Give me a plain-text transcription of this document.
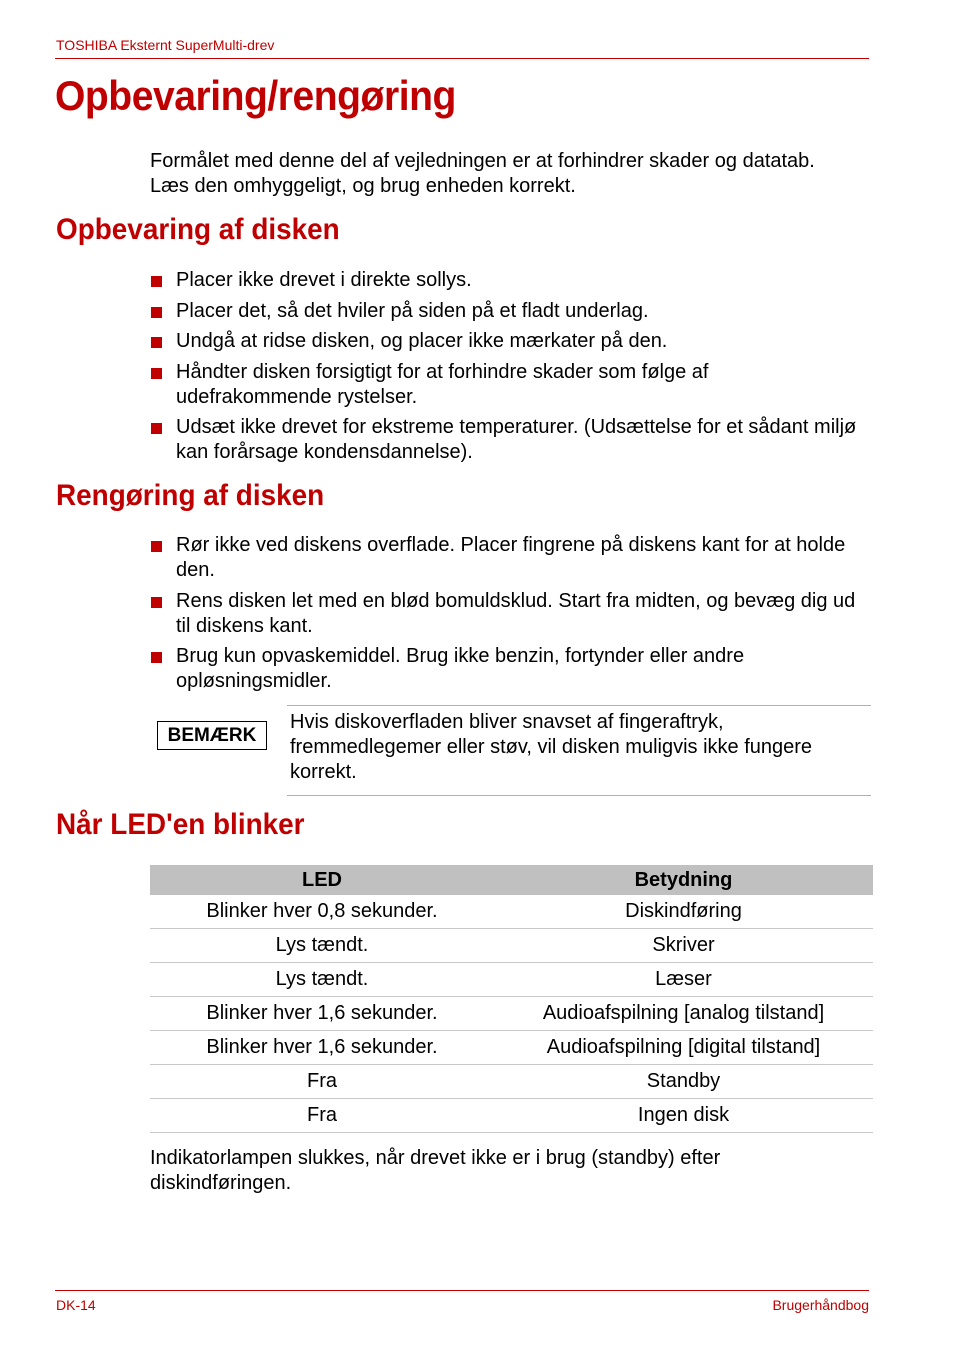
TOSHIBA Eksternt SuperMulti-drev
Opbevaring/rengøring

Formålet med denne del af vejledningen er at forhindrer skader og datatab. Læs den omhyggeligt, og brug enheden korrekt.

Opbevaring af disken
Placer ikke drevet i direkte sollys.
Placer det, så det hviler på siden på et fladt underlag.
Undgå at ridse disken, og placer ikke mærkater på den.
Håndter disken forsigtigt for at forhindre skader som følge af udefrakommende rystelser.
Udsæt ikke drevet for ekstreme temperaturer. (Udsættelse for et sådant miljø kan forårsage kondensdannelse).
Rengøring af disken
Rør ikke ved diskens overflade. Placer fingrene på diskens kant for at holde den.
Rens disken let med en blød bomuldsklud. Start fra midten, og bevæg dig ud til diskens kant.
Brug kun opvaskemiddel. Brug ikke benzin, fortynder eller andre opløsningsmidler.
BEMÆRK

Hvis diskoverfladen bliver snavset af fingeraftryk, fremmedlegemer eller støv, vil disken muligvis ikke fungere korrekt.

Når LED'en blinker
LED	Betydning
Blinker hver 0,8 sekunder.	Diskindføring
Lys tændt.	Skriver
Lys tændt.	Læser
Blinker hver 1,6 sekunder.	Audioafspilning [analog tilstand]
Blinker hver 1,6 sekunder.	Audioafspilning [digital tilstand]
Fra	Standby
Fra	Ingen disk

Indikatorlampen slukkes, når drevet ikke er i brug (standby) efter diskindføringen.

DK-14	Brugerhåndbog
